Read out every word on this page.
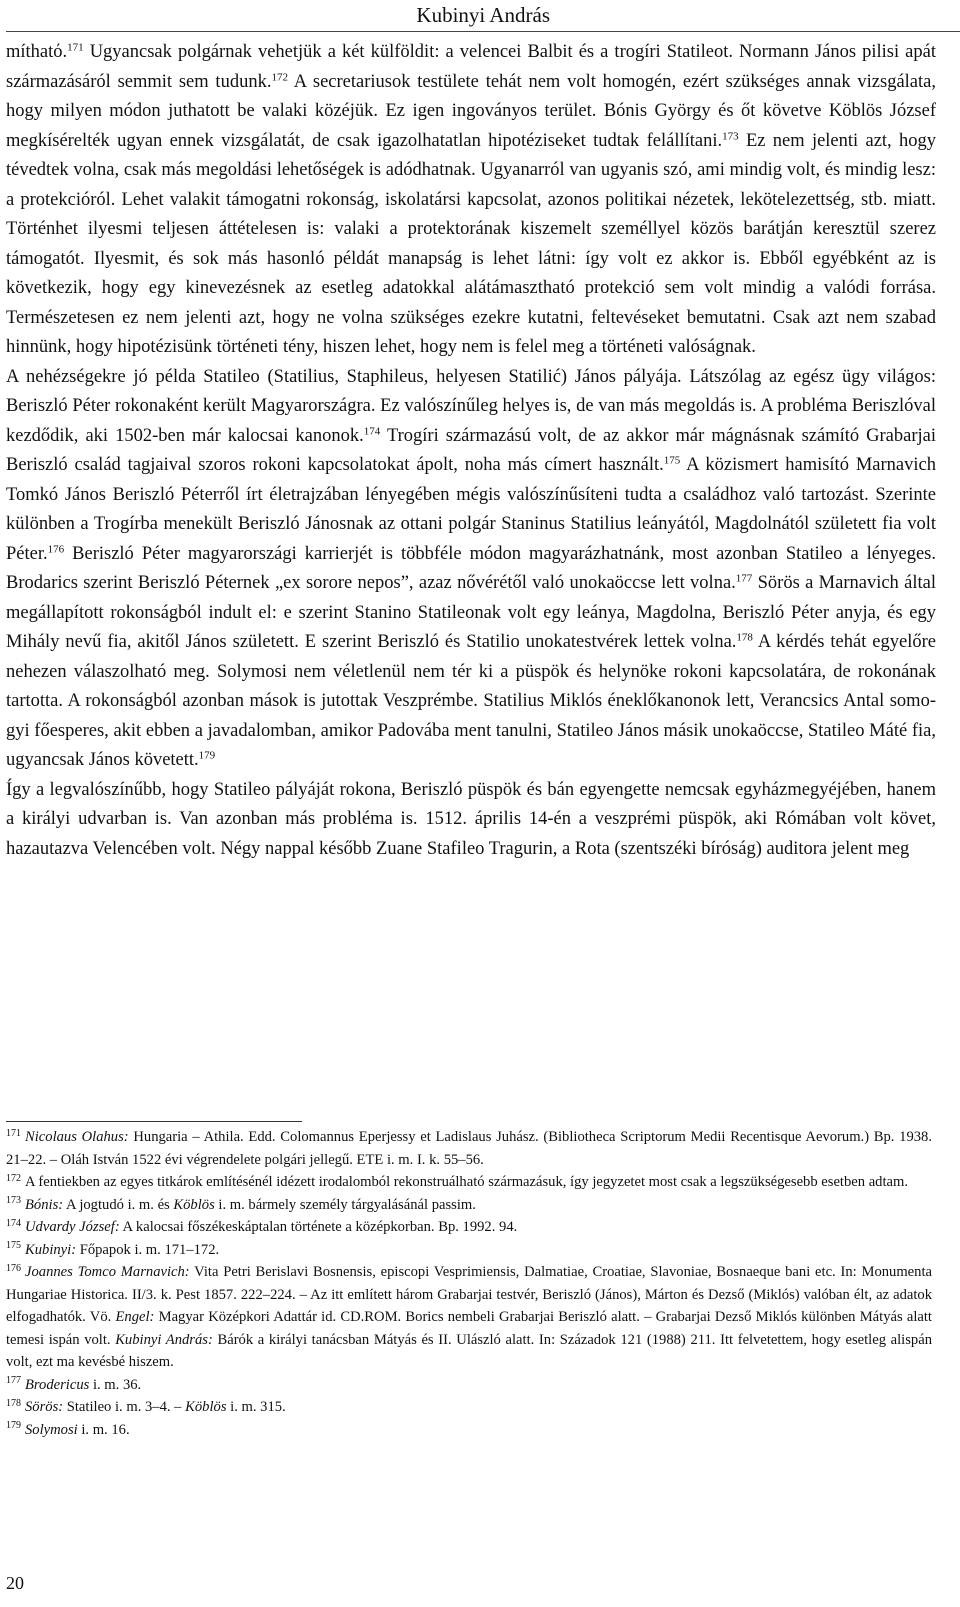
Kubinyi András

míthatό.$^{171}$ Ugyancsak polgárnak vehetjük a két külföldit: a velencei Balbit és a trogíri Statileot. Normann János pilisi apát származásáról semmit sem tudunk.$^{172}$ A secretariusok testülete tehát nem volt homogén, ezért szükséges annak vizsgálata, hogy milyen módon juthatott be valaki közéjük. Ez igen ingoványos terület. Bónis György és őt követve Köblös József megkísérelték ugyan ennek vizsgálatát, de csak igazolhatatlan hipotéziseket tudtak felállítani.$^{173}$ Ez nem jelenti azt, hogy tévedtek volna, csak más megoldási lehetőségek is adódhatnak. Ugyanarról van ugyanis szó, ami mindig volt, és mindig lesz: a protekcióról. Lehet valakit támogatni rokonság, iskolatársi kapcsolat, azonos politikai nézetek, lekötelezettség, stb. miatt. Történhet ilyesmi teljesen áttételesen is: valaki a protektorának kiszemelt személlyel közös barátján keresztül szerez támogatót. Ilyesmit, és sok más hasonló példát manapság is lehet látni: így volt ez akkor is. Ebből egyébként az is következik, hogy egy kinevezésnek az esetleg adatokkal alátámasztható protekció sem volt mindig a valódi forrása. Természetesen ez nem jelenti azt, hogy ne volna szükséges ezekre kutatni, feltevéseket bemutatni. Csak azt nem szabad hinnünk, hogy hipotézisünk történeti tény, hiszen lehet, hogy nem is felel meg a történeti valóságnak.

A nehézségekre jó példa Statileo (Statilius, Staphileus, helyesen Statilić) János pályája. Látszólag az egész ügy világos: Beriszló Péter rokonaként került Magyarországra. Ez valószínűleg helyes is, de van más megoldás is. A probléma Beriszlóval kezdődik, aki 1502-ben már kalocsai kanonok.$^{174}$ Trogíri származású volt, de az akkor már mágnásnak számító Grabarjai Beriszló család tagjaival szoros rokoni kapcsolatokat ápolt, noha más címert használt.$^{175}$ A közismert hamisító Marnavich Tomkó János Beriszló Péterről írt életrajzában lényegében mégis valószínűsíteni tudta a családhoz való tartozást. Szerinte különben a Trogírba menekült Beriszló Jánosnak az ottani polgár Staninus Statilius leányától, Magdolnától született fia volt Péter.$^{176}$ Beriszló Péter magyarországi karrierjét is többféle módon magyarázhatnánk, most azonban Statileo a lényeges. Brodarics szerint Beriszló Péternek „ex sorore nepos”, azaz nővérétől való unokaöccse lett volna.$^{177}$ Sörös a Marnavich által megállapított rokonságból indult el: e szerint Stanino Statileonak volt egy leánya, Magdolna, Beriszló Péter anyja, és egy Mihály nevű fia, akitől János született. E szerint Beriszló és Statilio unokatestvérek lettek volna.$^{178}$ A kérdés tehát egyelőre nehezen válaszolható meg. Solymosi nem véletlenül nem tér ki a püspök és helynöke rokoni kapcsolatára, de rokonának tartotta. A rokonságból azonban mások is jutottak Veszprémbe. Statilius Miklós éneklőkanonok lett, Verancsics Antal somogyi főesperes, akit ebben a javadalomban, amikor Padovába ment tanulni, Statileo János másik unokaöccse, Statileo Máté fia, ugyancsak János követett.$^{179}$

Így a legvalószínűbb, hogy Statileo pályáját rokona, Beriszló püspök és bán egyengette nemcsak egyházmegyéjében, hanem a királyi udvarban is. Van azonban más probléma is. 1512. április 14-én a veszprémi püspök, aki Rómában volt követ, hazautazva Velencében volt. Négy nappal később Zuane Stafileo Tragurin, a Rota (szentszéki bíróság) auditora jelent meg

$^{171}$ Nicolaus Olahus: Hungaria – Athila. Edd. Colomannus Eperjessy et Ladislaus Juhász. (Bibliotheca Scriptorum Medii Recentisque Aevorum.) Bp. 1938. 21–22. – Oláh István 1522 évi végrendelete polgári jellegű. ETE i. m. I. k. 55–56.

$^{172}$ A fentiekben az egyes titkárok említésénél idézett irodalomból rekonstruálható származásuk, így jegyzetet most csak a legszükségesebb esetben adtam.

$^{173}$ Bónis: A jogtudó i. m. és Köblös i. m. bármely személy tárgyalásánál passim.

$^{174}$ Udvardy József: A kalocsai főszékeskáptalan története a középkorban. Bp. 1992. 94.

$^{175}$ Kubinyi: Főpapok i. m. 171–172.

$^{176}$ Joannes Tomco Marnavich: Vita Petri Berislavi Bosnensis, episcopi Vesprimiensis, Dalmatiae, Croatiae, Slavoniae, Bosnaeque bani etc. In: Monumenta Hungariae Historica. II/3. k. Pest 1857. 222–224. – Az itt említett három Grabarjai testvér, Beriszló (János), Márton és Dezső (Miklós) valóban élt, az adatok elfogadhatók. Vö. Engel: Magyar Középkori Adattár id. CD.ROM. Borics nembeli Grabarjai Beriszló alatt. – Grabarjai Dezső Miklós különben Mátyás alatt temesi ispán volt. Kubinyi András: Bárók a királyi tanácsban Mátyás és II. Ulászló alatt. In: Századok 121 (1988) 211. Itt felvetettem, hogy esetleg alispán volt, ezt ma kevésbé hiszem.

$^{177}$ Brodericus i. m. 36.

$^{178}$ Sörös: Statileo i. m. 3–4. – Köblös i. m. 315.

$^{179}$ Solymosi i. m. 16.

20
